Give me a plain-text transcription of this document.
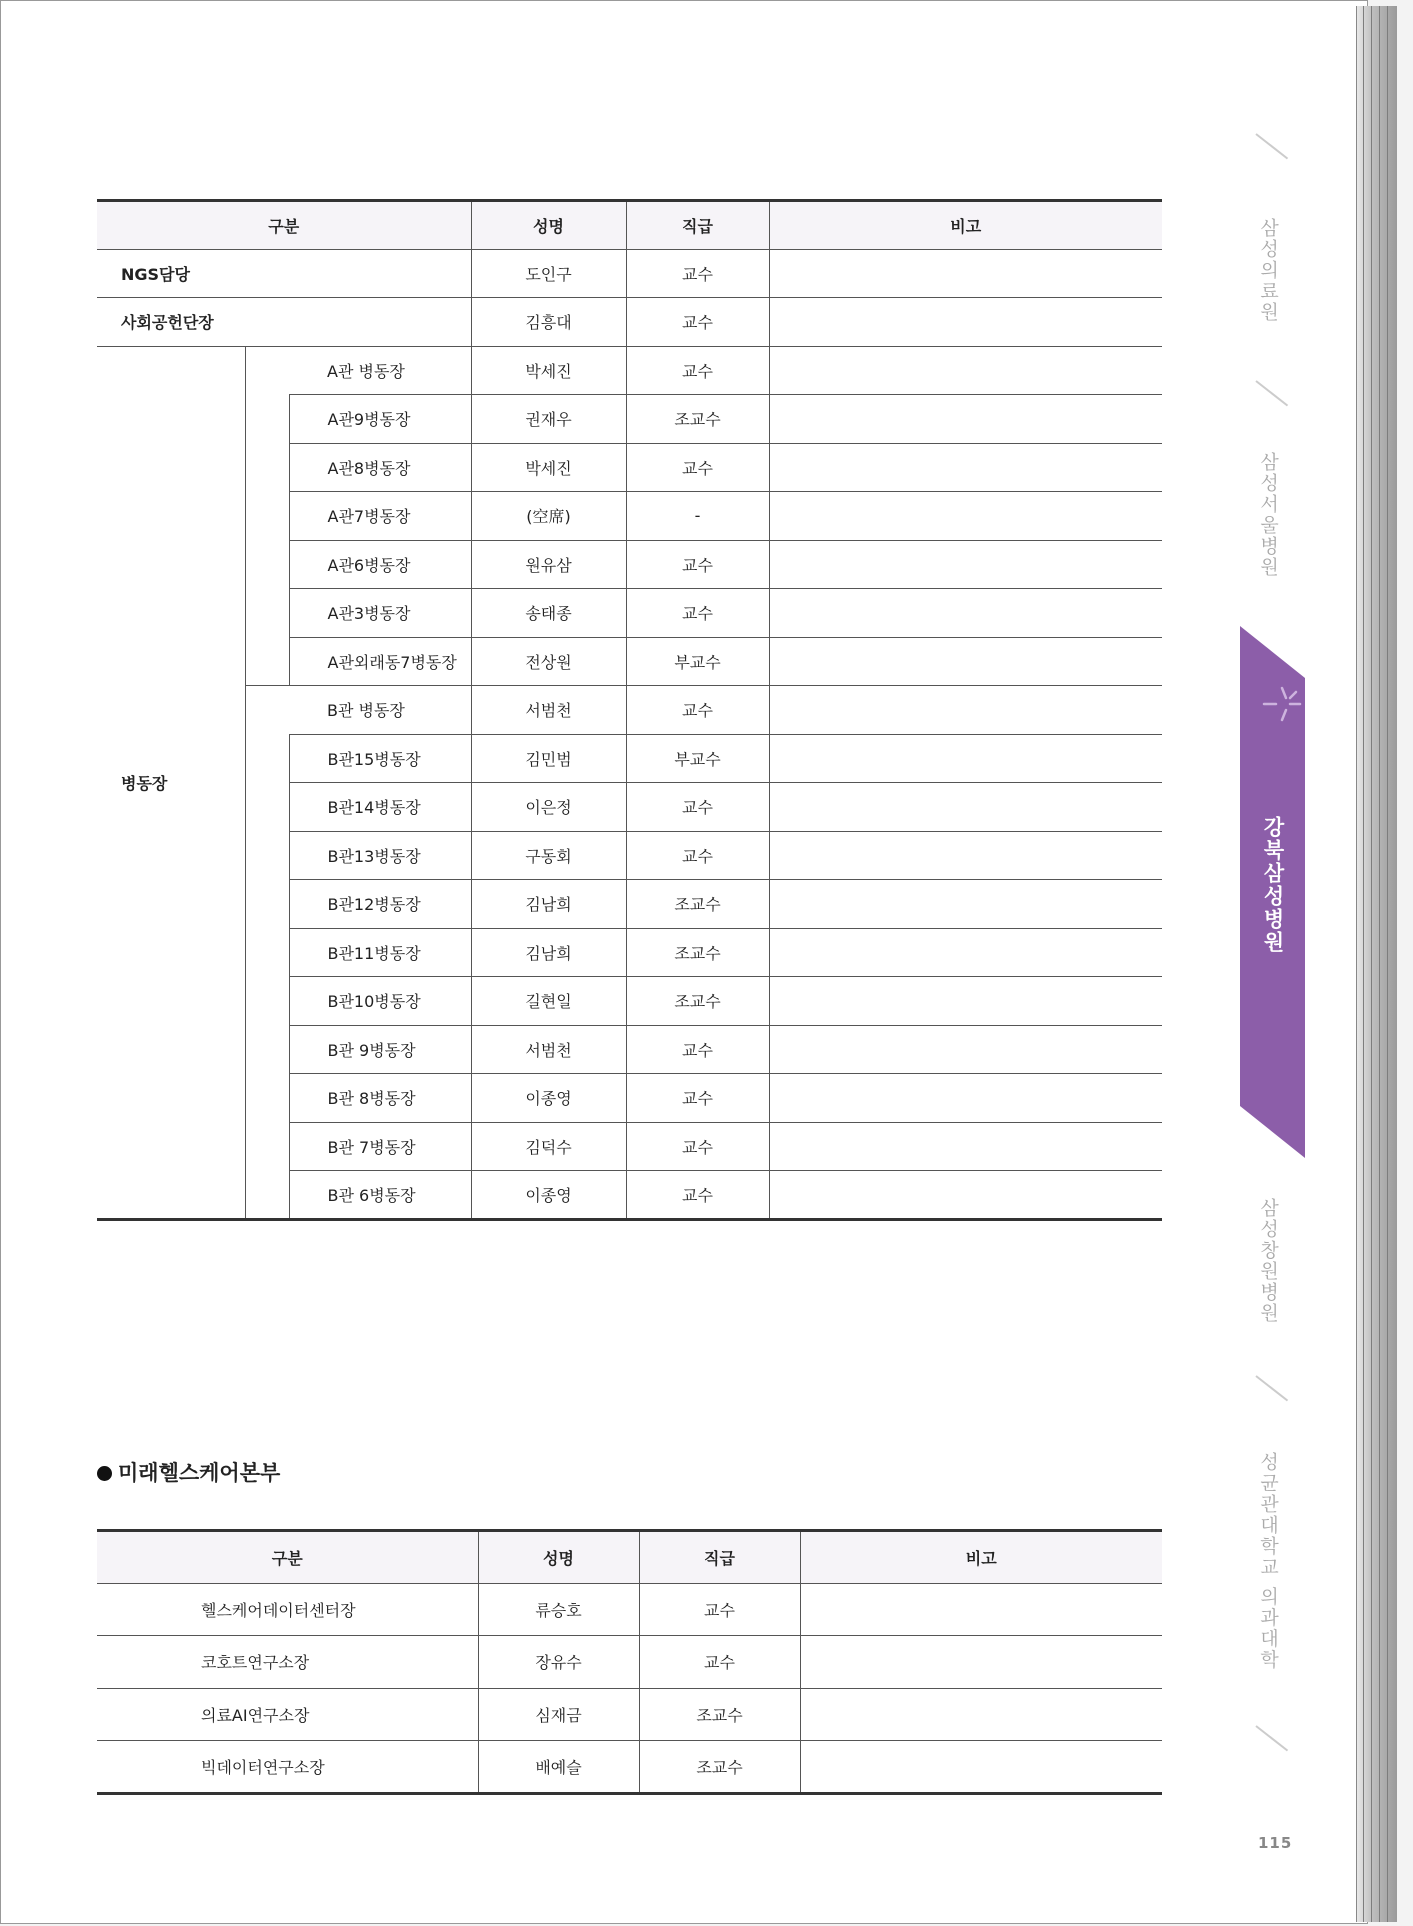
구분			성명	직급	비고
NGS담당			도인구	교수	
사회공헌단장			김흥대	교수	
병동장		A관 병동장	박세진	교수	
		A관9병동장	권재우	조교수	
		A관8병동장	박세진	교수	
		A관7병동장	(空席)	-	
		A관6병동장	원유삼	교수	
		A관3병동장	송태종	교수	
		A관외래동7병동장	전상원	부교수	
		B관 병동장	서범천	교수	
		B관15병동장	김민범	부교수	
		B관14병동장	이은정	교수	
		B관13병동장	구동회	교수	
		B관12병동장	김남희	조교수	
		B관11병동장	김남희	조교수	
		B관10병동장	길현일	조교수	
		B관 9병동장	서범천	교수	
		B관 8병동장	이종영	교수	
		B관 7병동장	김덕수	교수	
		B관 6병동장	이종영	교수	
미래헬스케어본부
구분	성명	직급	비고
헬스케어데이터센터장	류승호	교수	
코호트연구소장	장유수	교수	
의료AI연구소장	심재금	조교수	
빅데이터연구소장	배예슬	조교수	
삼성의료원
삼성서울병원
강북삼성병원
삼성창원병원
성균관대학교 의과대학
115
